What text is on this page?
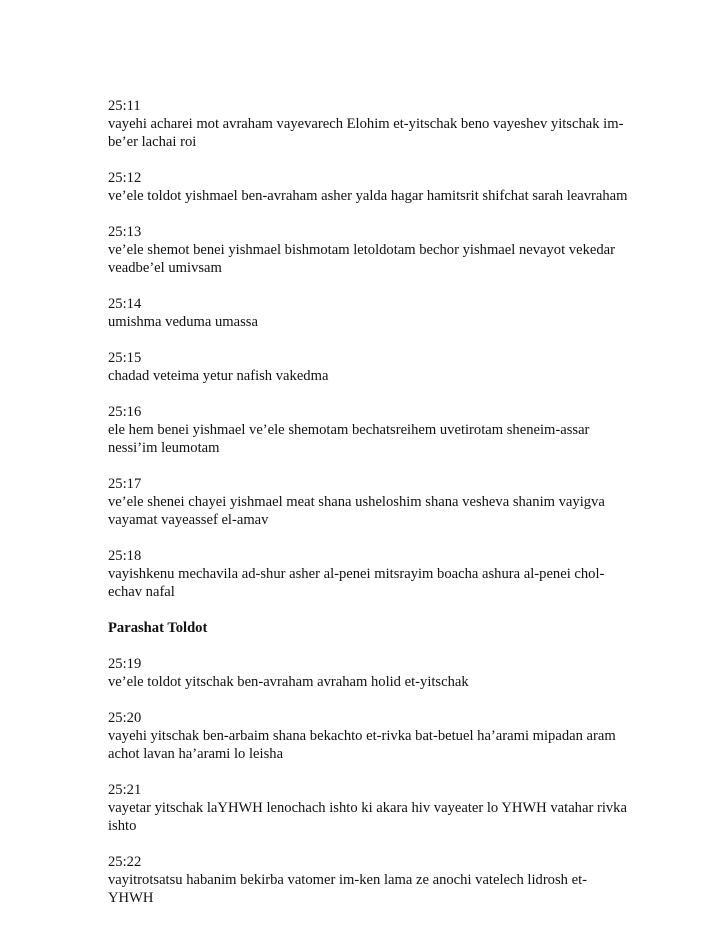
25:11
vayehi acharei mot avraham vayevarech Elohim et-yitschak beno vayeshev yitschak im-be’er lachai roi
25:12
ve’ele toldot yishmael ben-avraham asher yalda hagar hamitsrit shifchat sarah leavraham
25:13
ve’ele shemot benei yishmael bishmotam letoldotam bechor yishmael nevayot vekedar veadbe’el umivsam
25:14
umishma veduma umassa
25:15
chadad veteima yetur nafish vakedma
25:16
ele hem benei yishmael ve’ele shemotam bechatsreihem uvetirotam sheneim-assar nessi’im leumotam
25:17
ve’ele shenei chayei yishmael meat shana usheloshim shana vesheva shanim vayigva vayamat vayeassef el-amav
25:18
vayishkenu mechavila ad-shur asher al-penei mitsrayim boacha ashura al-penei chol-echav nafal
Parashat Toldot
25:19
ve’ele toldot yitschak ben-avraham avraham holid et-yitschak
25:20
vayehi yitschak ben-arbaim shana bekachto et-rivka bat-betuel ha’arami mipadan aram achot lavan ha’arami lo leisha
25:21
vayetar yitschak laYHWH lenochach ishto ki akara hiv vayeater lo YHWH vatahar rivka ishto
25:22
vayitrotsatsu habanim bekirba vatomer im-ken lama ze anochi vatelech lidrosh et-YHWH
